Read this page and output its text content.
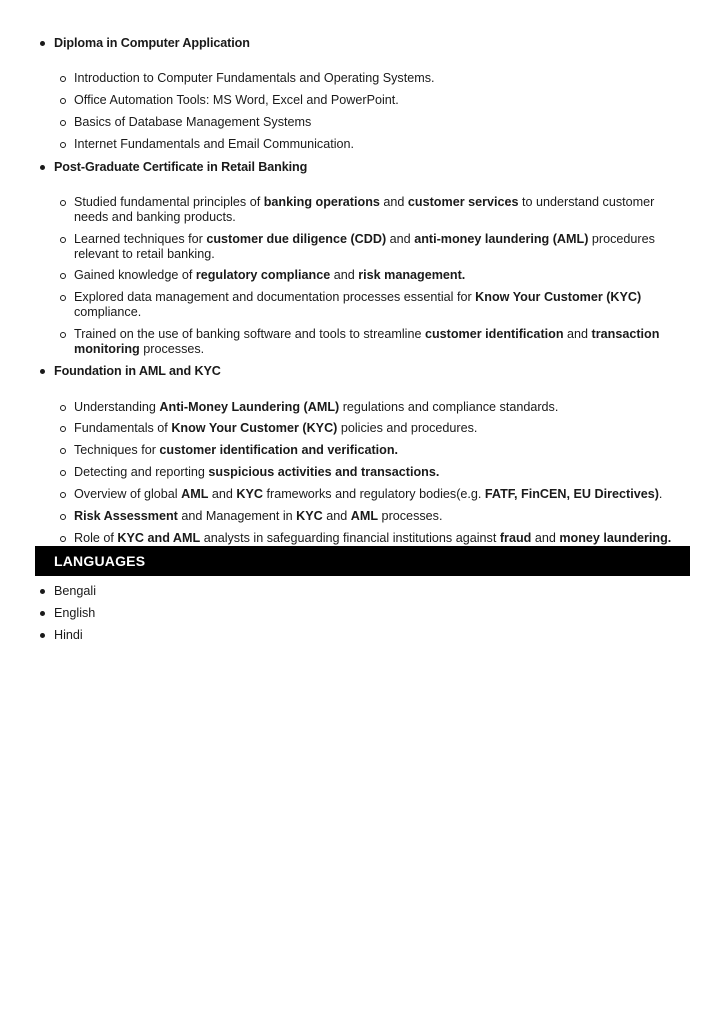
Diploma in Computer Application
Introduction to Computer Fundamentals and Operating Systems.
Office Automation Tools: MS Word, Excel and PowerPoint.
Basics of Database Management Systems
Internet Fundamentals and Email Communication.
Post-Graduate Certificate in Retail Banking
Studied fundamental principles of banking operations and customer services to understand customer needs and banking products.
Learned techniques for customer due diligence (CDD) and anti-money laundering (AML) procedures relevant to retail banking.
Gained knowledge of regulatory compliance and risk management.
Explored data management and documentation processes essential for Know Your Customer (KYC) compliance.
Trained on the use of banking software and tools to streamline customer identification and transaction monitoring processes.
Foundation in AML and KYC
Understanding Anti-Money Laundering (AML) regulations and compliance standards.
Fundamentals of Know Your Customer (KYC) policies and procedures.
Techniques for customer identification and verification.
Detecting and reporting suspicious activities and transactions.
Overview of global AML and KYC frameworks and regulatory bodies(e.g. FATF, FinCEN, EU Directives).
Risk Assessment and Management in KYC and AML processes.
Role of KYC and AML analysts in safeguarding financial institutions against fraud and money laundering.
LANGUAGES
Bengali
English
Hindi
